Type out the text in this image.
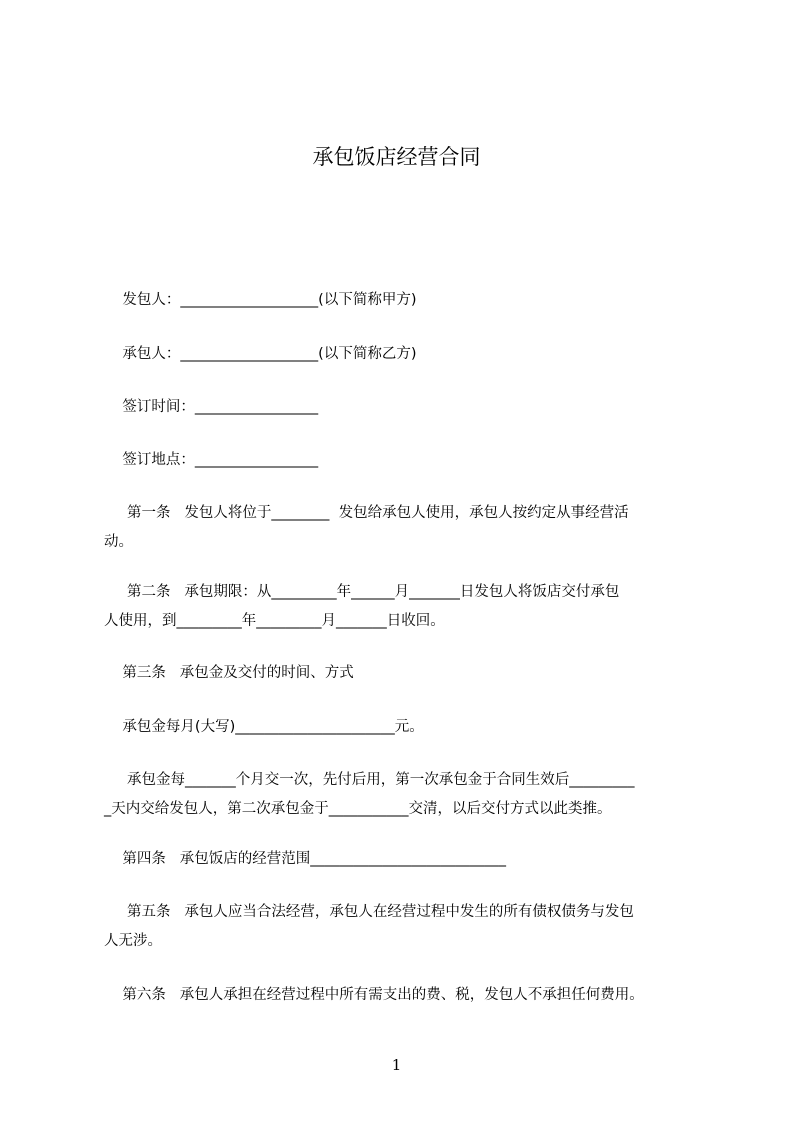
承包饭店经营合同

发包人：___________________(以下简称甲方)

承包人：___________________(以下简称乙方)

签订时间：_________________

签订地点：_________________

第一条   发包人将位于________  发包给承包人使用，承包人按约定从事经营活
动。
第二条   承包期限：从_________年______月_______日发包人将饭店交付承包
人使用，到_________年_________月_______日收回。

第三条   承包金及交付的时间、方式

承包金每月(大写)______________________元。

承包金每_______个月交一次，先付后用，第一次承包金于合同生效后_________
_天内交给发包人，第二次承包金于___________交清，以后交付方式以此类推。

第四条   承包饭店的经营范围___________________________

第五条   承包人应当合法经营，承包人在经营过程中发生的所有债权债务与发包
人无涉。

第六条   承包人承担在经营过程中所有需支出的费、税，发包人不承担任何费用。

1
